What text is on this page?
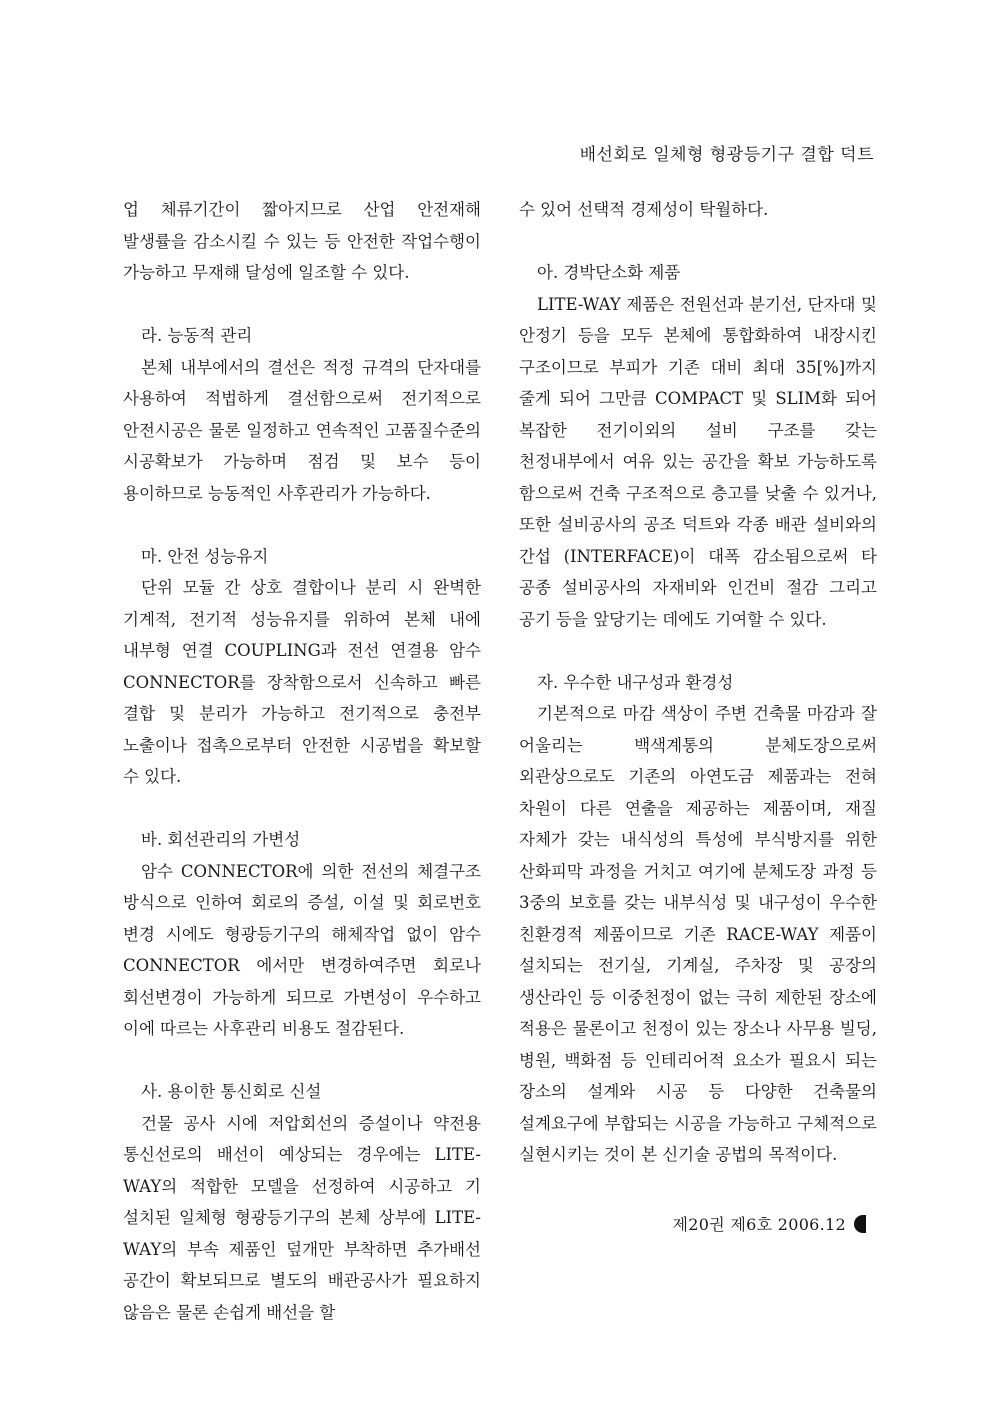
배선회로 일체형 형광등기구 결합 덕트

업 체류기간이 짧아지므로 산업 안전재해 발생률을 감소시킬 수 있는 등 안전한 작업수행이 가능하고 무재해 달성에 일조할 수 있다.

라. 능동적 관리

본체 내부에서의 결선은 적정 규격의 단자대를 사용하여 적법하게 결선함으로써 전기적으로 안전시공은 물론 일정하고 연속적인 고품질수준의 시공확보가 가능하며 점검 및 보수 등이 용이하므로 능동적인 사후관리가 가능하다.

마. 안전 성능유지

단위 모듈 간 상호 결합이나 분리 시 완벽한 기계적, 전기적 성능유지를 위하여 본체 내에 내부형 연결 COUPLING과 전선 연결용 암수 CONNECTOR를 장착함으로서 신속하고 빠른 결합 및 분리가 가능하고 전기적으로 충전부 노출이나 접촉으로부터 안전한 시공법을 확보할 수 있다.

바. 회선관리의 가변성

암수 CONNECTOR에 의한 전선의 체결구조 방식으로 인하여 회로의 증설, 이설 및 회로번호 변경 시에도 형광등기구의 해체작업 없이 암수 CONNECTOR 에서만 변경하여주면 회로나 회선변경이 가능하게 되므로 가변성이 우수하고 이에 따르는 사후관리 비용도 절감된다.

사. 용이한 통신회로 신설

건물 공사 시에 저압회선의 증설이나 약전용 통신선로의 배선이 예상되는 경우에는 LITE-WAY의 적합한 모델을 선정하여 시공하고 기 설치된 일체형 형광등기구의 본체 상부에 LITE-WAY의 부속 제품인 덮개만 부착하면 추가배선 공간이 확보되므로 별도의 배관공사가 필요하지 않음은 물론 손쉽게 배선을 할

수 있어 선택적 경제성이 탁월하다.

아. 경박단소화 제품

LITE-WAY 제품은 전원선과 분기선, 단자대 및 안정기 등을 모두 본체에 통합화하여 내장시킨 구조이므로 부피가 기존 대비 최대 35[%]까지 줄게 되어 그만큼 COMPACT 및 SLIM화 되어 복잡한 전기이외의 설비 구조를 갖는 천정내부에서 여유 있는 공간을 확보 가능하도록 함으로써 건축 구조적으로 층고를 낮출 수 있거나, 또한 설비공사의 공조 덕트와 각종 배관 설비와의 간섭 (INTERFACE)이 대폭 감소됨으로써 타 공종 설비공사의 자재비와 인건비 절감 그리고 공기 등을 앞당기는 데에도 기여할 수 있다.

자. 우수한 내구성과 환경성

기본적으로 마감 색상이 주변 건축물 마감과 잘 어울리는 백색계통의 분체도장으로써 외관상으로도 기존의 아연도금 제품과는 전혀 차원이 다른 연출을 제공하는 제품이며, 재질 자체가 갖는 내식성의 특성에 부식방지를 위한 산화피막 과정을 거치고 여기에 분체도장 과정 등 3중의 보호를 갖는 내부식성 및 내구성이 우수한 친환경적 제품이므로 기존 RACE-WAY 제품이 설치되는 전기실, 기계실, 주차장 및 공장의 생산라인 등 이중천정이 없는 극히 제한된 장소에 적용은 물론이고 천정이 있는 장소나 사무용 빌딩, 병원, 백화점 등 인테리어적 요소가 필요시 되는 장소의 설계와 시공 등 다양한 건축물의 설계요구에 부합되는 시공을 가능하고 구체적으로 실현시키는 것이 본 신기술 공법의 목적이다.

제20권 제6호 2006.12
